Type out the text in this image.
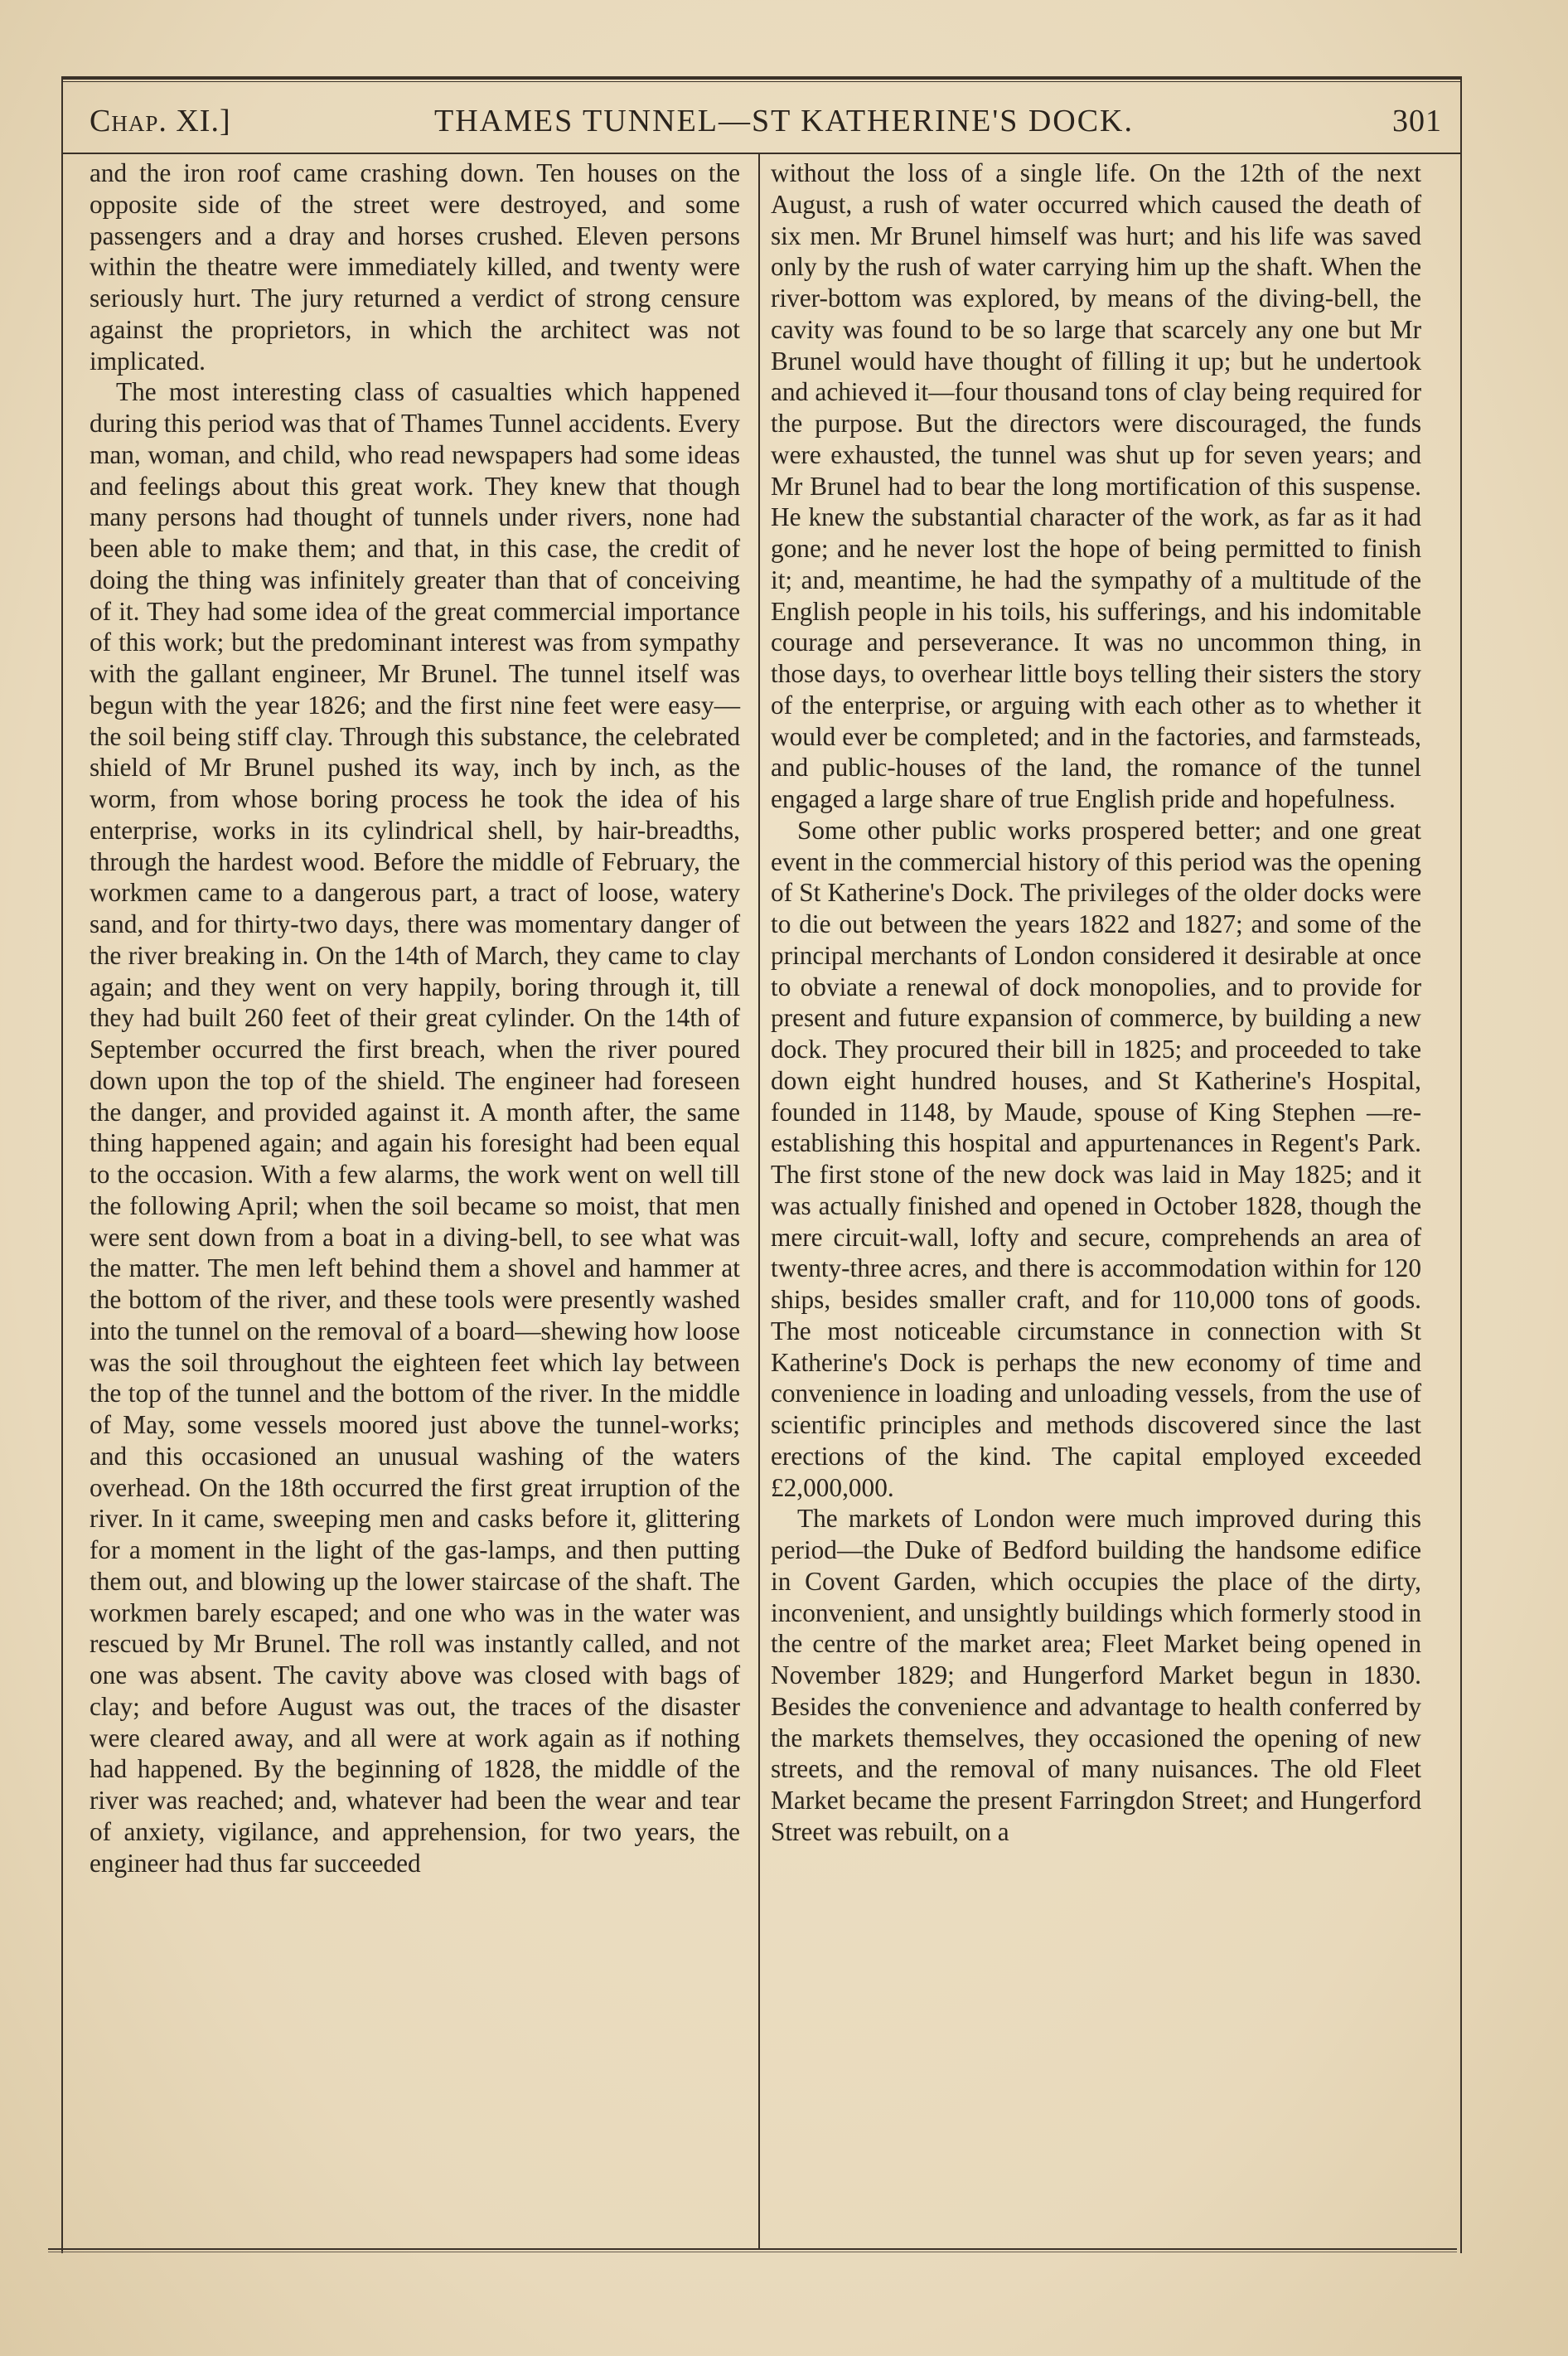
Chap. XI.]	THAMES TUNNEL—ST KATHERINE'S DOCK.	301

and the iron roof came crashing down. Ten houses on the opposite side of the street were destroyed, and some passengers and a dray and horses crushed. Eleven persons within the theatre were immediately killed, and twenty were seriously hurt. The jury returned a verdict of strong censure against the proprietors, in which the architect was not implicated.

The most interesting class of casualties which happened during this period was that of Thames Tunnel accidents. Every man, woman, and child, who read newspapers had some ideas and feelings about this great work. They knew that though many persons had thought of tunnels under rivers, none had been able to make them; and that, in this case, the credit of doing the thing was infinitely greater than that of conceiving of it. They had some idea of the great commercial importance of this work; but the predominant interest was from sympathy with the gallant engineer, Mr Brunel. The tunnel itself was begun with the year 1826; and the first nine feet were easy—the soil being stiff clay. Through this substance, the celebrated shield of Mr Brunel pushed its way, inch by inch, as the worm, from whose boring process he took the idea of his enterprise, works in its cylindrical shell, by hair-breadths, through the hardest wood. Before the middle of February, the workmen came to a dangerous part, a tract of loose, watery sand, and for thirty-two days, there was momentary danger of the river breaking in. On the 14th of March, they came to clay again; and they went on very happily, boring through it, till they had built 260 feet of their great cylinder. On the 14th of September occurred the first breach, when the river poured down upon the top of the shield. The engineer had foreseen the danger, and provided against it. A month after, the same thing happened again; and again his foresight had been equal to the occasion. With a few alarms, the work went on well till the following April; when the soil became so moist, that men were sent down from a boat in a diving-bell, to see what was the matter. The men left behind them a shovel and hammer at the bottom of the river, and these tools were presently washed into the tunnel on the removal of a board—shewing how loose was the soil throughout the eighteen feet which lay between the top of the tunnel and the bottom of the river. In the middle of May, some vessels moored just above the tunnel-works; and this occasioned an unusual washing of the waters overhead. On the 18th occurred the first great irruption of the river. In it came, sweeping men and casks before it, glittering for a moment in the light of the gas-lamps, and then putting them out, and blowing up the lower staircase of the shaft. The workmen barely escaped; and one who was in the water was rescued by Mr Brunel. The roll was instantly called, and not one was absent. The cavity above was closed with bags of clay; and before August was out, the traces of the disaster were cleared away, and all were at work again as if nothing had happened. By the beginning of 1828, the middle of the river was reached; and, whatever had been the wear and tear of anxiety, vigilance, and apprehension, for two years, the engineer had thus far succeeded

without the loss of a single life. On the 12th of the next August, a rush of water occurred which caused the death of six men. Mr Brunel himself was hurt; and his life was saved only by the rush of water carrying him up the shaft. When the river-bottom was explored, by means of the diving-bell, the cavity was found to be so large that scarcely any one but Mr Brunel would have thought of filling it up; but he undertook and achieved it—four thousand tons of clay being required for the purpose. But the directors were discouraged, the funds were exhausted, the tunnel was shut up for seven years; and Mr Brunel had to bear the long mortification of this suspense. He knew the substantial character of the work, as far as it had gone; and he never lost the hope of being permitted to finish it; and, meantime, he had the sympathy of a multitude of the English people in his toils, his sufferings, and his indomitable courage and perseverance. It was no uncommon thing, in those days, to overhear little boys telling their sisters the story of the enterprise, or arguing with each other as to whether it would ever be completed; and in the factories, and farmsteads, and public-houses of the land, the romance of the tunnel engaged a large share of true English pride and hopefulness.

Some other public works prospered better; and one great event in the commercial history of this period was the opening of St Katherine's Dock. The privileges of the older docks were to die out between the years 1822 and 1827; and some of the principal merchants of London considered it desirable at once to obviate a renewal of dock monopolies, and to provide for present and future expansion of commerce, by building a new dock. They procured their bill in 1825; and proceeded to take down eight hundred houses, and St Katherine's Hospital, founded in 1148, by Maude, spouse of King Stephen —re-establishing this hospital and appurtenances in Regent's Park. The first stone of the new dock was laid in May 1825; and it was actually finished and opened in October 1828, though the mere circuit-wall, lofty and secure, comprehends an area of twenty-three acres, and there is accommodation within for 120 ships, besides smaller craft, and for 110,000 tons of goods. The most noticeable circumstance in connection with St Katherine's Dock is perhaps the new economy of time and convenience in loading and unloading vessels, from the use of scientific principles and methods discovered since the last erections of the kind. The capital employed exceeded £2,000,000.

The markets of London were much improved during this period—the Duke of Bedford building the handsome edifice in Covent Garden, which occupies the place of the dirty, inconvenient, and unsightly buildings which formerly stood in the centre of the market area; Fleet Market being opened in November 1829; and Hungerford Market begun in 1830. Besides the convenience and advantage to health conferred by the markets themselves, they occasioned the opening of new streets, and the removal of many nuisances. The old Fleet Market became the present Farringdon Street; and Hungerford Street was rebuilt, on a
